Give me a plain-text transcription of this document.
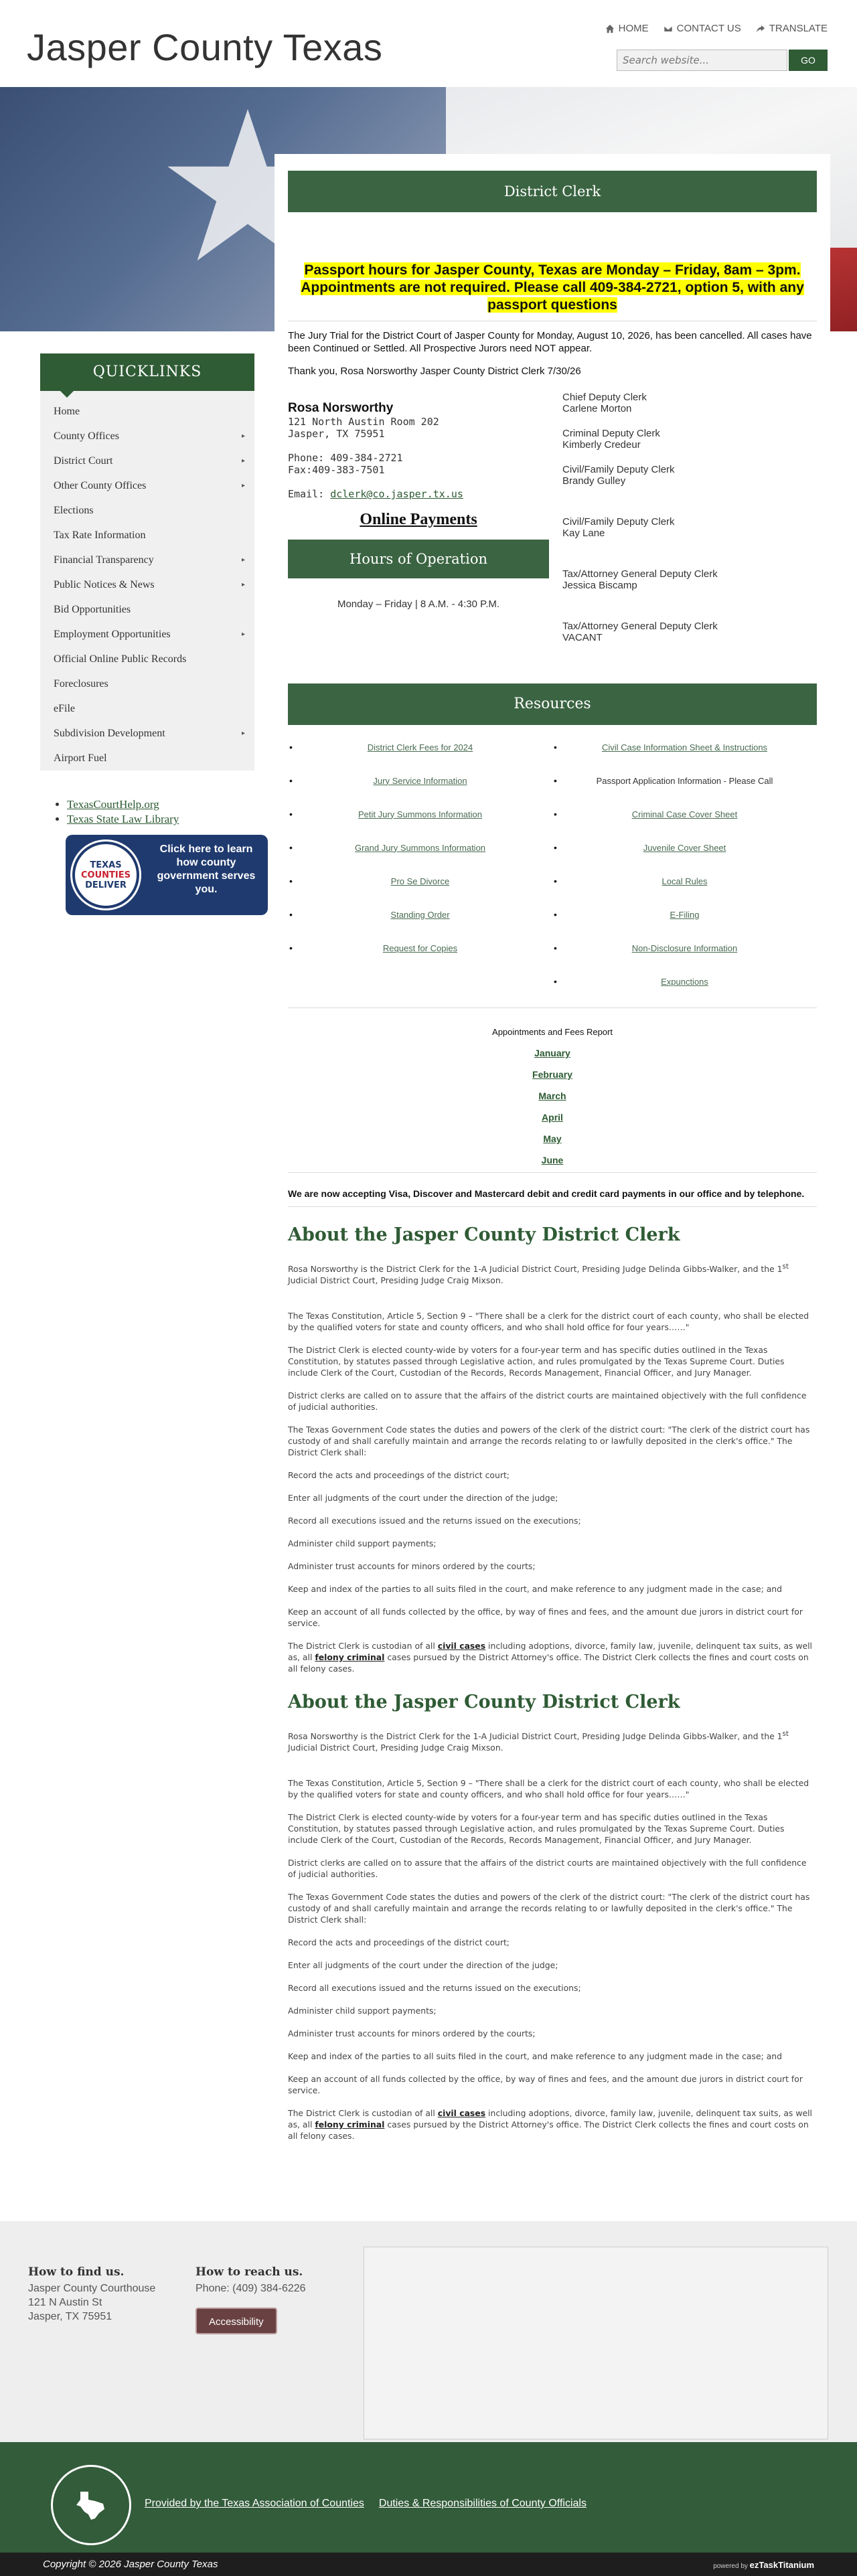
Jasper County Texas	HOME	CONTACT US	TRANSLATE
Search website...
GO
QUICKLINKS
Home
County Offices	▸
District Court	▸
Other County Offices	▸
Elections
Tax Rate Information
Financial Transparency	▸
Public Notices & News	▸
Bid Opportunities
Employment Opportunities	▸
Official Online Public Records
Foreclosures
eFile
Subdivision Development	▸
Airport Fuel
• TexasCourtHelp.org
• Texas State Law Library
TEXAS
COUNTIES
DELIVER
Click here to learn how county government serves you.
District Clerk
Passport hours for Jasper County, Texas are Monday – Friday, 8am – 3pm. Appointments are not required. Please call 409-384-2721, option 5, with any passport questions
The Jury Trial for the District Court of Jasper County for Monday, August 10, 2026, has been cancelled. All cases have been Continued or Settled. All Prospective Jurors need NOT appear.
Thank you, Rosa Norsworthy Jasper County District Clerk 7/30/26
Rosa Norsworthy
121 North Austin Room 202
Jasper, TX 75951
Phone: 409-384-2721
Fax:409-383-7501
Email: dclerk@co.jasper.tx.us
Online Payments
Hours of Operation
Monday – Friday | 8 A.M. - 4:30 P.M.
Chief Deputy Clerk
Carlene Morton
Criminal Deputy Clerk
Kimberly Credeur
Civil/Family Deputy Clerk
Brandy Gulley
Civil/Family Deputy Clerk
Kay Lane
Tax/Attorney General Deputy Clerk
Jessica Biscamp
Tax/Attorney General Deputy Clerk
VACANT
Resources
• District Clerk Fees for 2024
• Jury Service Information
• Petit Jury Summons Information
• Grand Jury Summons Information
• Pro Se Divorce
• Standing Order
• Request for Copies
• Civil Case Information Sheet & Instructions
• Passport Application Information - Please Call
• Criminal Case Cover Sheet
• Juvenile Cover Sheet
• Local Rules
• E-Filing
• Non-Disclosure Information
• Expunctions
Appointments and Fees Report
January
February
March
April
May
June
We are now accepting Visa, Discover and Mastercard debit and credit card payments in our office and by telephone.
About the Jasper County District Clerk

Rosa Norsworthy is the District Clerk for the 1-A Judicial District Court, Presiding Judge Delinda Gibbs-Walker, and the 1st Judicial District Court, Presiding Judge Craig Mixson.

The Texas Constitution, Article 5, Section 9 – "There shall be a clerk for the district court of each county, who shall be elected by the qualified voters for state and county officers, and who shall hold office for four years……"

The District Clerk is elected county-wide by voters for a four-year term and has specific duties outlined in the Texas Constitution, by statutes passed through Legislative action, and rules promulgated by the Texas Supreme Court. Duties include Clerk of the Court, Custodian of the Records, Records Management, Financial Officer, and Jury Manager.

District clerks are called on to assure that the affairs of the district courts are maintained objectively with the full confidence of judicial authorities.

The Texas Government Code states the duties and powers of the clerk of the district court: "The clerk of the district court has custody of and shall carefully maintain and arrange the records relating to or lawfully deposited in the clerk's office." The District Clerk shall:

Record the acts and proceedings of the district court;

Enter all judgments of the court under the direction of the judge;

Record all executions issued and the returns issued on the executions;

Administer child support payments;

Administer trust accounts for minors ordered by the courts;

Keep and index of the parties to all suits filed in the court, and make reference to any judgment made in the case; and

Keep an account of all funds collected by the office, by way of fines and fees, and the amount due jurors in district court for service.

The District Clerk is custodian of all civil cases including adoptions, divorce, family law, juvenile, delinquent tax suits, as well as, all felony criminal cases pursued by the District Attorney's office. The District Clerk collects the fines and court costs on all felony cases.

About the Jasper County District Clerk

Rosa Norsworthy is the District Clerk for the 1-A Judicial District Court, Presiding Judge Delinda Gibbs-Walker, and the 1st Judicial District Court, Presiding Judge Craig Mixson.

The Texas Constitution, Article 5, Section 9 – "There shall be a clerk for the district court of each county, who shall be elected by the qualified voters for state and county officers, and who shall hold office for four years……"

The District Clerk is elected county-wide by voters for a four-year term and has specific duties outlined in the Texas Constitution, by statutes passed through Legislative action, and rules promulgated by the Texas Supreme Court. Duties include Clerk of the Court, Custodian of the Records, Records Management, Financial Officer, and Jury Manager.

District clerks are called on to assure that the affairs of the district courts are maintained objectively with the full confidence of judicial authorities.

The Texas Government Code states the duties and powers of the clerk of the district court: "The clerk of the district court has custody of and shall carefully maintain and arrange the records relating to or lawfully deposited in the clerk's office." The District Clerk shall:

Record the acts and proceedings of the district court;

Enter all judgments of the court under the direction of the judge;

Record all executions issued and the returns issued on the executions;

Administer child support payments;

Administer trust accounts for minors ordered by the courts;

Keep and index of the parties to all suits filed in the court, and make reference to any judgment made in the case; and

Keep an account of all funds collected by the office, by way of fines and fees, and the amount due jurors in district court for service.

The District Clerk is custodian of all civil cases including adoptions, divorce, family law, juvenile, delinquent tax suits, as well as, all felony criminal cases pursued by the District Attorney's office. The District Clerk collects the fines and court costs on all felony cases.

How to find us.
Jasper County Courthouse
121 N Austin St
Jasper, TX 75951
How to reach us.
Phone: (409) 384-6226
Accessibility
Provided by the Texas Association of Counties Duties & Responsibilities of County Officials
Copyright © 2026 Jasper County Texas	powered by ezTaskTitanium
